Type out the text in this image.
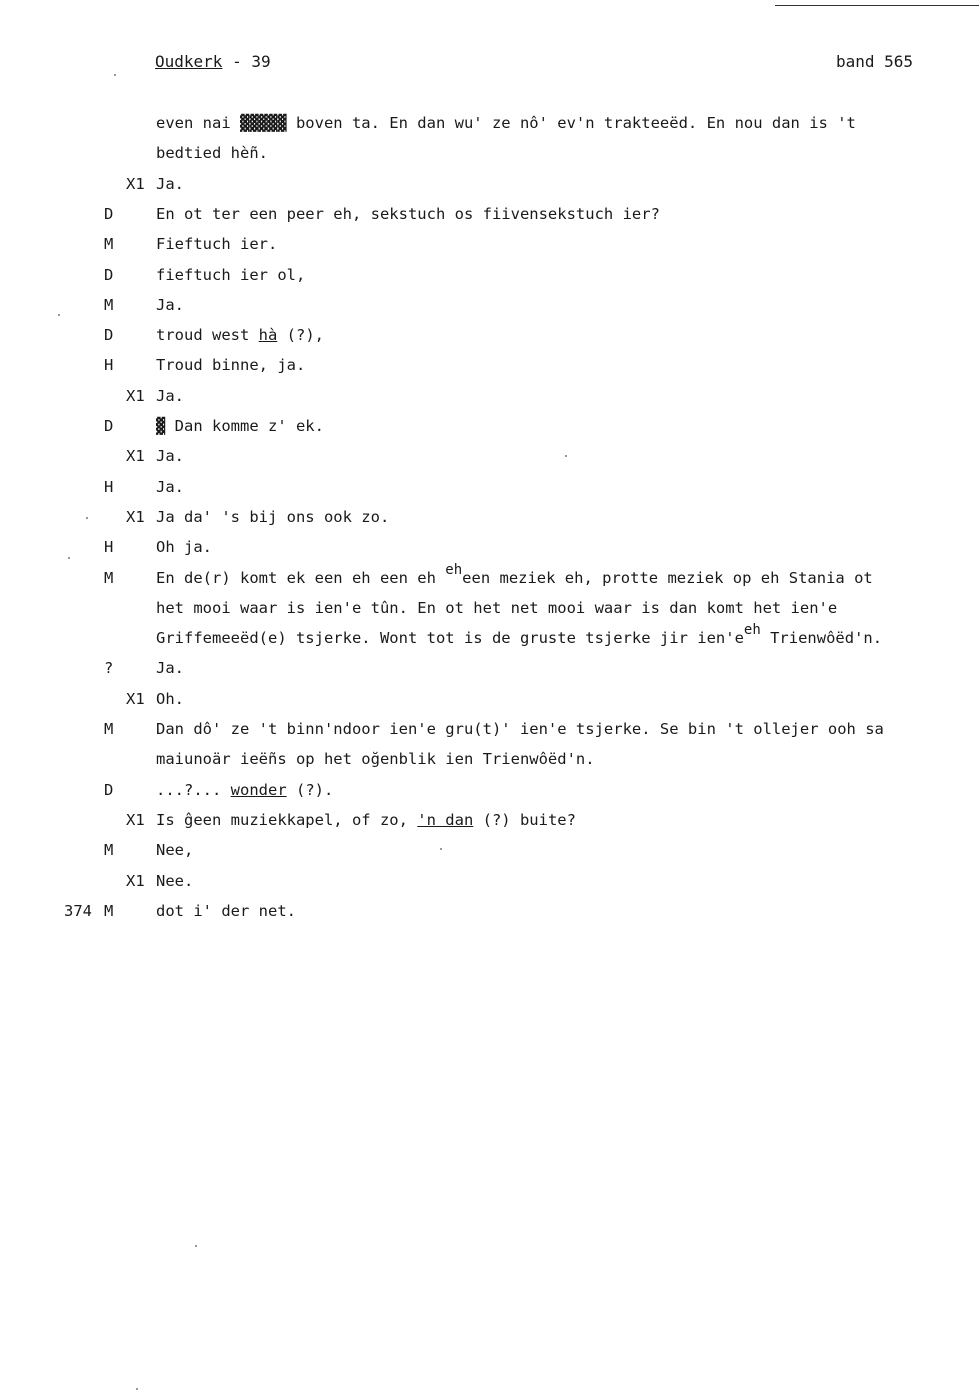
Oudkerk - 39	band 565
even nai ▓▓▓▓▓ boven ta. En dan wu' ze nô' ev'n trakteeëd. En nou dan is 't
bedtied hèñ.
X1 Ja.
D	En ot ter een peer eh, sekstuch os fiivensekstuch ier?
M	Fieftuch ier.
D	fieftuch ier ol,
M	Ja.
D	troud west hà (?),
H	Troud binne, ja.
X1 Ja.
D	▓ Dan komme z' ek.
X1 Ja.
H	Ja.
X1 Ja da' 's bij ons ook zo.
H	Oh ja.
M	En de(r) komt ek een eh een eh eheen meziek eh, protte meziek op eh Stania ot
het mooi waar is ien'e tûn. En ot het net mooi waar is dan komt het ien'e
Griffemeeëd(e) tsjerke. Wont tot is de gruste tsjerke jir ien'eeh Trienwôëd'n.
?	Ja.
X1 Oh.
M	Dan dô' ze 't binn'ndoor ien'e gru(t)' ien'e tsjerke. Se bin 't ollejer ooh sa
maiunoär ieëñs op het oğenblik ien Trienwôëd'n.
D	...?... wonder (?).
X1 Is ĝeen muziekkapel, of zo, 'n dan (?) buite?
M	Nee,
X1 Nee.
374 M	dot i' der net.
